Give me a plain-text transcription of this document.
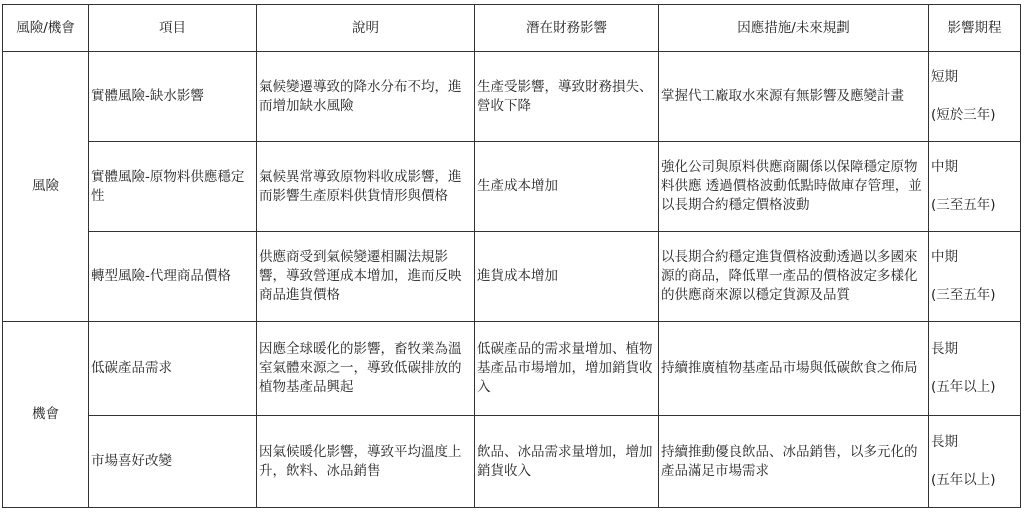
風險/機會	項目	說明	潛在財務影響	因應措施/未來規劃	影響期程
風險	實體風險-缺水影響	氣候變遷導致的降水分布不均，進而增加缺水風險	生產受影響，導致財務損失、營收下降	掌握代工廠取水來源有無影響及應變計畫	短期
(短於三年)
	實體風險-原物料供應穩定性	氣候異常導致原物料收成影響，進而影響生產原料供貨情形與價格	生產成本增加	強化公司與原料供應商關係以保障穩定原物料供應 透過價格波動低點時做庫存管理，並以長期合約穩定價格波動	中期
(三至五年)
	轉型風險-代理商品價格	供應商受到氣候變遷相關法規影響，導致營運成本增加，進而反映商品進貨價格	進貨成本增加	以長期合約穩定進貨價格波動透過以多國來源的商品，降低單一產品的價格波定多樣化的供應商來源以穩定貨源及品質	中期
(三至五年)
機會	低碳產品需求	因應全球暖化的影響，畜牧業為溫室氣體來源之一，導致低碳排放的植物基產品興起	低碳產品的需求量增加、植物基產品市場增加，增加銷貨收入	持續推廣植物基產品市場與低碳飲食之佈局	長期
(五年以上)
	市場喜好改變	因氣候暖化影響，導致平均溫度上升，飲料、冰品銷售	飲品、冰品需求量增加，增加銷貨收入	持續推動優良飲品、冰品銷售，以多元化的產品滿足市場需求	長期
(五年以上)
